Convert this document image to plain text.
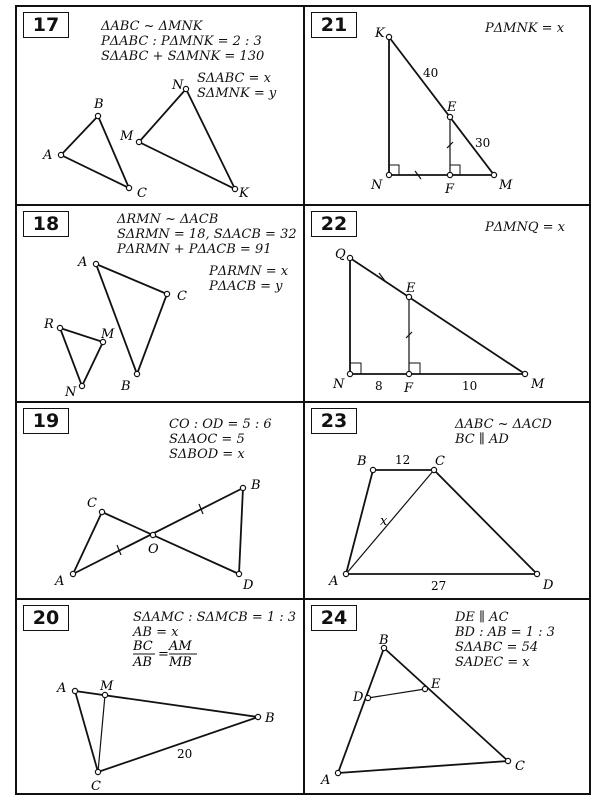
17	ΔABC ~ ΔMNK
PΔABC : PΔMNK = 2 : 3
SΔABC + SΔMNK = 130
SΔABC = x
SΔMNK = y
A
B
C
M
N
K
21	PΔMNK = x
K
E
N	F	M
40
30
18	ΔRMN ~ ΔACB
SΔRMN = 18, SΔACB = 32
PΔRMN + PΔACB = 91
PΔRMN = x
PΔACB = y
A
C
B
R
M
N
22	PΔMNQ = x
Q
E
N	F	M
8	10
19	CO : OD = 5 : 6
SΔAOC = 5
SΔBOD = x
C
B
O
A	D
23	ΔABC ~ ΔACD
BC ∥ AD
B	C
A	D
12
x
27
20	SΔAMC : SΔMCB = 1 : 3
AB = x
BC
AB
=
AM
MB
A	M
B
C
20
24	DE ∥ AC
BD : AB = 1 : 3
SΔABC = 54
SADEC = x
B
D
E
A
C
